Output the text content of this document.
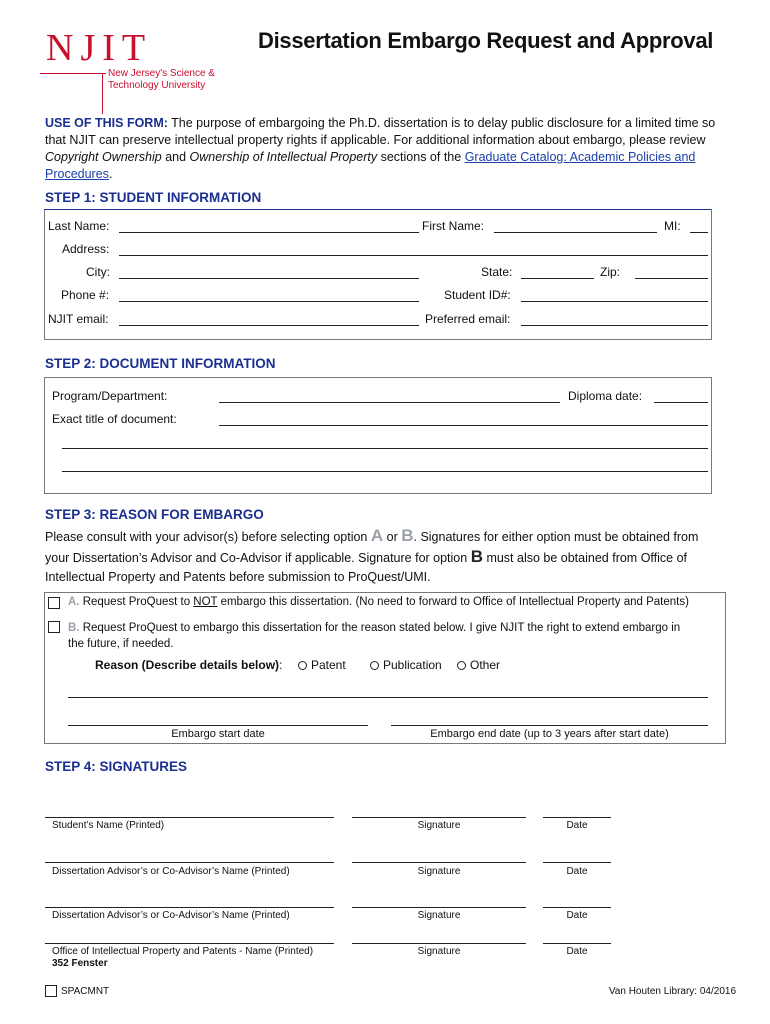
NJIT
New Jersey's Science &
Technology University
Dissertation Embargo Request and Approval
USE OF THIS FORM: The purpose of embargoing the Ph.D. dissertation is to delay public disclosure for a limited time so that NJIT can preserve intellectual property rights if applicable. For additional information about embargo, please review Copyright Ownership and Ownership of Intellectual Property sections of the Graduate Catalog: Academic Policies and Procedures.
STEP 1: STUDENT INFORMATION
Last Name:	First Name:	MI:
Address:
City:	State:	Zip:
Phone #:	Student ID#:
NJIT email:	Preferred email:
STEP 2: DOCUMENT INFORMATION
Program/Department:	Diploma date:
Exact title of document:
STEP 3: REASON FOR EMBARGO
Please consult with your advisor(s) before selecting option A or B. Signatures for either option must be obtained from
your Dissertation’s Advisor and Co-Advisor if applicable. Signature for option B must also be obtained from Office of
Intellectual Property and Patents before submission to ProQuest/UMI.
A. Request ProQuest to NOT embargo this dissertation. (No need to forward to Office of Intellectual Property and Patents)
B. Request ProQuest to embargo this dissertation for the reason stated below. I give NJIT the right to extend embargo in
the future, if needed.
Reason (Describe details below):	Patent	Publication	Other
Embargo start date	Embargo end date (up to 3 years after start date)
STEP 4: SIGNATURES
Student’s Name (Printed)	Signature	Date
Dissertation Advisor’s or Co-Advisor’s Name (Printed)	Signature	Date
Dissertation Advisor’s or Co-Advisor’s Name (Printed)	Signature	Date
Office of Intellectual Property and Patents - Name (Printed)	Signature	Date
352 Fenster
SPACMNT	Van Houten Library: 04/2016
